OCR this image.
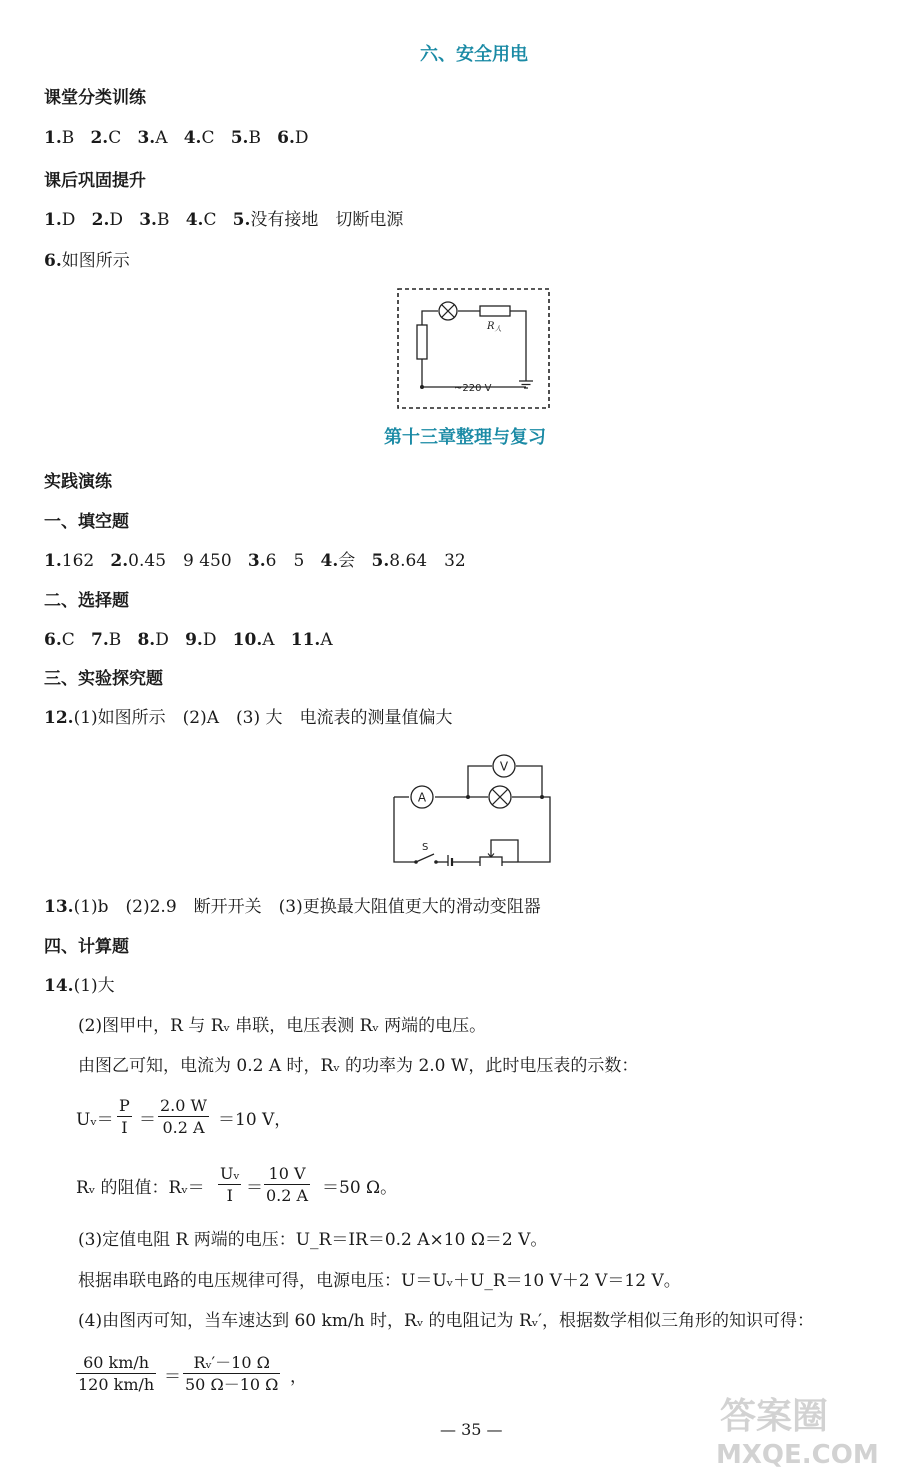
六、安全用电
课堂分类训练
1.B 2.C 3.A 4.C 5.B 6.D
课后巩固提升
1.D 2.D 3.B 4.C 5.没有接地　切断电源
6.如图所示
$R_人$
~220 V
第十三章整理与复习
实践演练
一、填空题
1.162 2.0.45　9 450 3.6　5 4.会 5.8.64　32
二、选择题
6.C 7.B 8.D 9.D 10.A 11.A
三、实验探究题
12.(1)如图所示　(2)A　(3) 大　电流表的测量值偏大
A
V
S
13.(1)b　(2)2.9　断开开关　(3)更换最大阻值更大的滑动变阻器
四、计算题
14.(1)大
(2)图甲中，R 与 Rᵥ 串联，电压表测 Rᵥ 两端的电压。
由图乙可知，电流为 0.2 A 时，Rᵥ 的功率为 2.0 W，此时电压表的示数：
Uᵥ＝ $\frac{P}{I} = \frac{2.0 W}{0.2 A} =10$ V，
Rᵥ 的阻值：Rᵥ＝ $\frac{\text{Uᵥ}}{I} = \frac{10 V}{0.2 A} =50$ Ω。
(3)定值电阻 R 两端的电压：U_R＝IR＝0.2 A×10 Ω＝2 V。
根据串联电路的电压规律可得，电源电压：U＝Uᵥ＋U_R＝10 V＋2 V＝12 V。
(4)由图丙可知，当车速达到 60 km/h 时，Rᵥ 的电阻记为 Rᵥ′，根据数学相似三角形的知识可得：
$\frac{60 km/h}{120 km/h} = \frac{\text{Rᵥ′－10 Ω}}{50 \Omega-10 \Omega}$ ，
— 35 —	答案圈
MXQE.COM
